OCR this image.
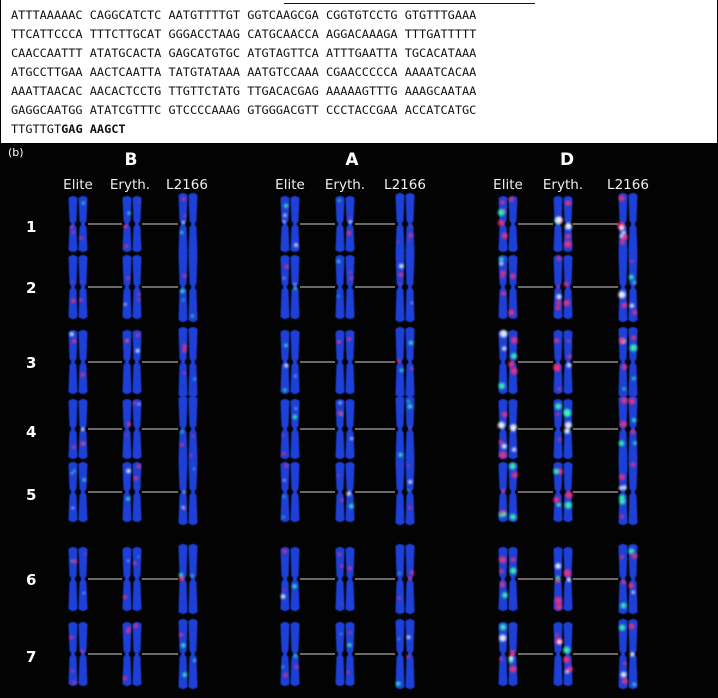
ATTTAAAAAC CAGGCATCTC AATGTTTTGT GGTCAAGCGA CGGTGTCCTG GTGTTTGAAA
TTCATTCCCA TTTCTTGCAT GGGACCTAAG CATGCAACCA AGGACAAAGA TTTGATTTTT
CAACCAATTT ATATGCACTA GAGCATGTGC ATGTAGTTCA ATTTGAATTA TGCACATAAA
ATGCCTTGAA AACTCAATTA TATGTATAAA AATGTCCAAA CGAACCCCCA AAAATCACAA
AAATTAACAC AACACTCCTG TTGTTCTATG TTGACACGAG AAAAAGTTTG AAAGCAATAA
GAGGCAATGG ATATCGTTTC GTCCCCAAAG GTGGGACGTT CCCTACCGAA ACCATCATGC
TTGTTGTGAG AAGCT
(b)	B	A	D
Elite	Eryth.	L2166	Elite	Eryth.	L2166	Elite	Eryth.	L2166
1
2
3
4
5
6
7
